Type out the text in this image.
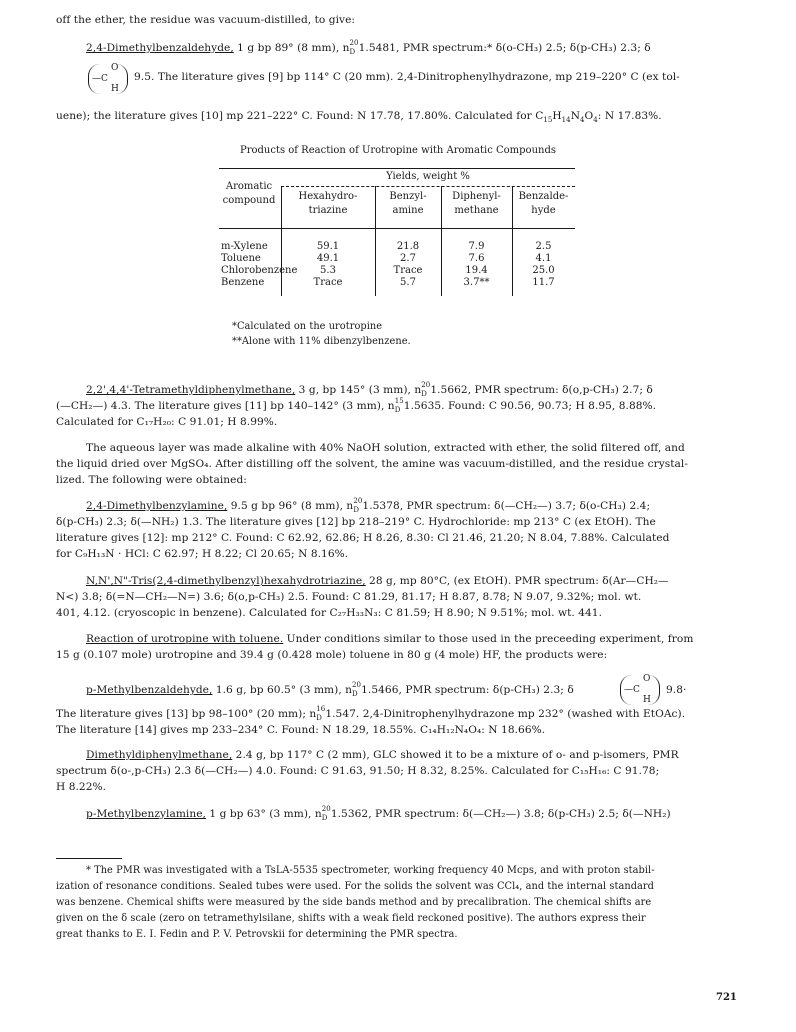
off the ether, the residue was vacuum-distilled, to give:
2,4-Dimethylbenzaldehyde, 1 g bp 89° (8 mm), $n_D$
20
1.5481, PMR spectrum:* δ(o-CH₃) 2.5; δ(p-CH₃) 2.3; δ
O
—C
H
9.5. The literature gives [9] bp 114° C (20 mm). 2,4-Dinitrophenylhydrazone, mp 219–220° C (ex tol-
uene); the literature gives [10] mp 221–222° C. Found: N 17.78, 17.80%. Calculated for $C_{15}H_{14}N_4O_4$: N 17.83%.
Products of Reaction of Urotropine with Aromatic Compounds
Aromatic compound
Yields, weight %
Hexahydro-triazine
Benzyl-amine
Diphenyl-methane
Benzalde-hyde
m-Xylene
Toluene
Chlorobenzene
Benzene
59.1
49.1
5.3
Trace
21.8
2.7
Trace
5.7
7.9
7.6
19.4
3.7**
2.5
4.1
25.0
11.7
*Calculated on the urotropine
**Alone with 11% dibenzylbenzene.
2,2',4,4'-Tetramethyldiphenylmethane, 3 g, bp 145° (3 mm), $n_D$
20
1.5662, PMR spectrum: δ(o,p-CH₃) 2.7; δ
(—CH₂—) 4.3. The literature gives [11] bp 140–142° (3 mm), $n_D$
15
1.5635. Found: C 90.56, 90.73; H 8.95, 8.88%.
Calculated for C₁₇H₂₀: C 91.01; H 8.99%.
The aqueous layer was made alkaline with 40% NaOH solution, extracted with ether, the solid filtered off, and
the liquid dried over MgSO₄. After distilling off the solvent, the amine was vacuum-distilled, and the residue crystal-
lized. The following were obtained:
2,4-Dimethylbenzylamine, 9.5 g bp 96° (8 mm), $n_D$
20
1.5378, PMR spectrum: δ(—CH₂—) 3.7; δ(o-CH₃) 2.4;
δ(p-CH₃) 2.3; δ(—NH₂) 1.3. The literature gives [12] bp 218–219° C. Hydrochloride: mp 213° C (ex EtOH). The
literature gives [12]: mp 212° C. Found: C 62.92, 62.86; H 8.26, 8.30: Cl 21.46, 21.20; N 8.04, 7.88%. Calculated
for C₉H₁₃N · HCl: C 62.97; H 8.22; Cl 20.65; N 8.16%.
N,N',N"-Tris(2,4-dimethylbenzyl)hexahydrotriazine, 28 g, mp 80°C, (ex EtOH). PMR spectrum: δ(Ar—CH₂—
N<) 3.8; δ(=N—CH₂—N=) 3.6; δ(o,p-CH₃) 2.5. Found: C 81.29, 81.17; H 8.87, 8.78; N 9.07, 9.32%; mol. wt.
401, 4.12. (cryoscopic in benzene). Calculated for C₂₇H₃₃N₃: C 81.59; H 8.90; N 9.51%; mol. wt. 441.
Reaction of urotropine with toluene. Under conditions similar to those used in the preceeding experiment, from
15 g (0.107 mole) urotropine and 39.4 g (0.428 mole) toluene in 80 g (4 mole) HF, the products were:
p-Methylbenzaldehyde, 1.6 g, bp 60.5° (3 mm), $n_D$
20
1.5466, PMR spectrum: δ(p-CH₃) 2.3; δ
O
—C
H
9.8·
The literature gives [13] bp 98–100° (20 mm); $n_D$
16
1.547. 2,4-Dinitrophenylhydrazone mp 232° (washed with EtOAc).
The literature [14] gives mp 233–234° C. Found: N 18.29, 18.55%. C₁₄H₁₂N₄O₄: N 18.66%.
Dimethyldiphenylmethane, 2.4 g, bp 117° C (2 mm), GLC showed it to be a mixture of o- and p-isomers, PMR
spectrum δ(o-,p-CH₃) 2.3 δ(—CH₂—) 4.0. Found: C 91.63, 91.50; H 8.32, 8.25%. Calculated for C₁₅H₁₆: C 91.78;
H 8.22%.
p-Methylbenzylamine, 1 g bp 63° (3 mm), $n_D$
20
1.5362, PMR spectrum: δ(—CH₂—) 3.8; δ(p-CH₃) 2.5; δ(—NH₂)
* The PMR was investigated with a TsLA-5535 spectrometer, working frequency 40 Mcps, and with proton stabil-
ization of resonance conditions. Sealed tubes were used. For the solids the solvent was CCl₄, and the internal standard
was benzene. Chemical shifts were measured by the side bands method and by precalibration. The chemical shifts are
given on the δ scale (zero on tetramethylsilane, shifts with a weak field reckoned positive). The authors express their
great thanks to E. I. Fedin and P. V. Petrovskii for determining the PMR spectra.
721
